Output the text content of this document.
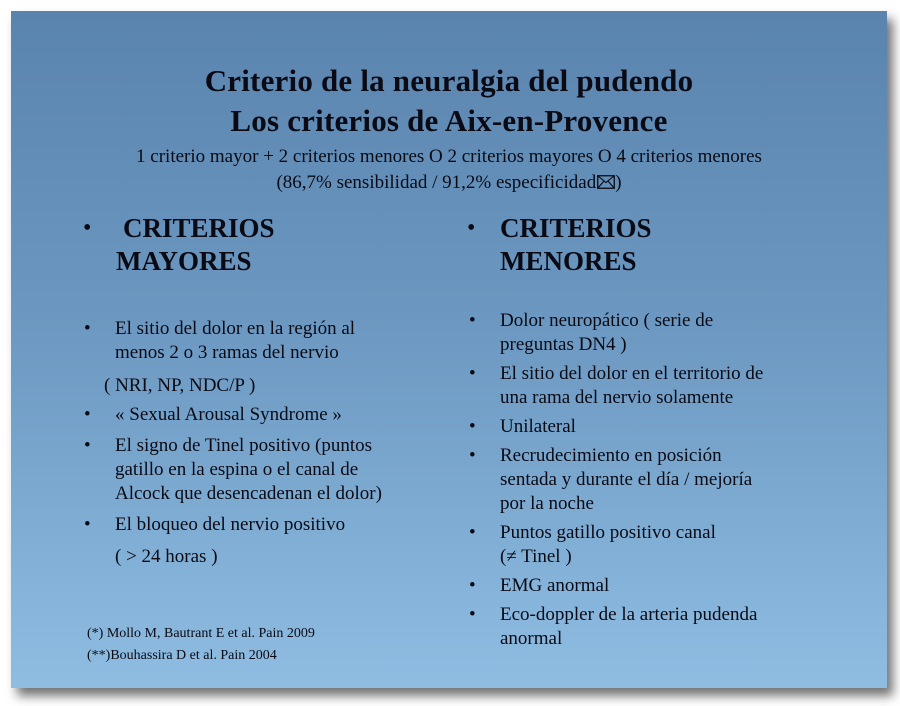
Criterio de la neuralgia del pudendo
Los criterios de Aix-en-Provence
1 criterio mayor + 2 criterios menores O 2 criterios mayores O 4 criterios menores
(86,7% sensibilidad / 91,2% especificidad )
• CRITERIOS
MAYORES
• El sitio del dolor en la región al
menos 2 o 3 ramas del nervio
( NRI, NP, NDC/P )
• « Sexual Arousal Syndrome »
• El signo de Tinel positivo (puntos
gatillo en la espina o el canal de
Alcock que desencadenan el dolor)
• El bloqueo del nervio positivo
( > 24 horas )
(*) Mollo M, Bautrant E et al. Pain 2009
(**)Bouhassira D et al. Pain 2004
• CRITERIOS
MENORES
• Dolor neuropático ( serie de
preguntas DN4 )
• El sitio del dolor en el territorio de
una rama del nervio solamente
• Unilateral
• Recrudecimiento en posición
sentada y durante el día / mejoría
por la noche
• Puntos gatillo positivo canal
(≠ Tinel )
• EMG anormal
• Eco-doppler de la arteria pudenda
anormal
